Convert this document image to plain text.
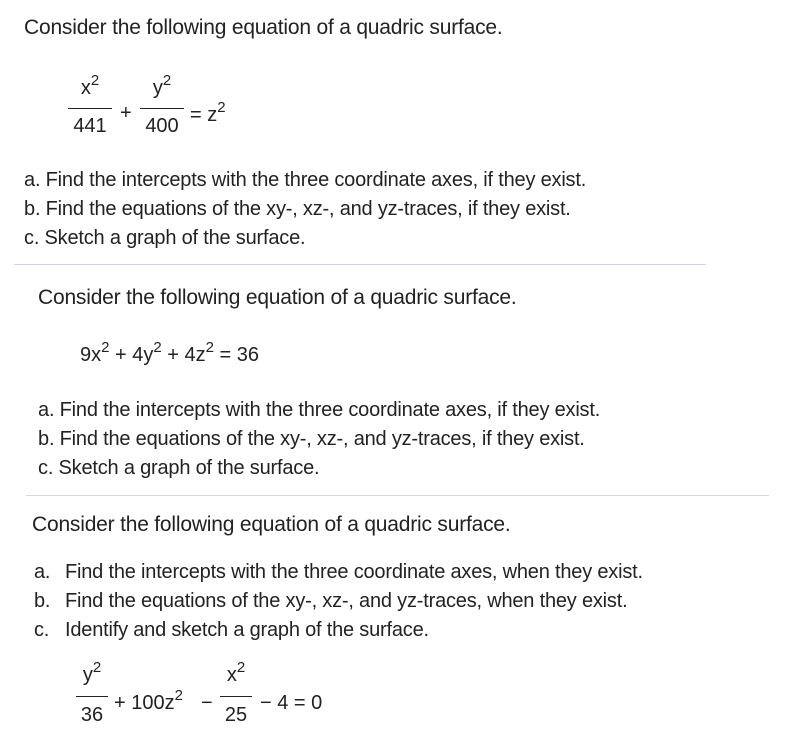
Consider the following equation of a quadric surface.
$x^2$
441
+
$y^2$
$400 = z^2$
a. Find the intercepts with the three coordinate axes, if they exist.
b. Find the equations of the xy-, xz-, and yz-traces, if they exist.
c. Sketch a graph of the surface.
Consider the following equation of a quadric surface.
$9x^2 + 4y^2 + 4z^2 = 36$
a. Find the intercepts with the three coordinate axes, if they exist.
b. Find the equations of the xy-, xz-, and yz-traces, if they exist.
c. Sketch a graph of the surface.
Consider the following equation of a quadric surface.
a. Find the intercepts with the three coordinate axes, when they exist.
b. Find the equations of the xy-, xz-, and yz-traces, when they exist.
c. Identify and sketch a graph of the surface.
$y^2$
36
+ $100z^2$ −
$x^2$
25
− 4 = 0
